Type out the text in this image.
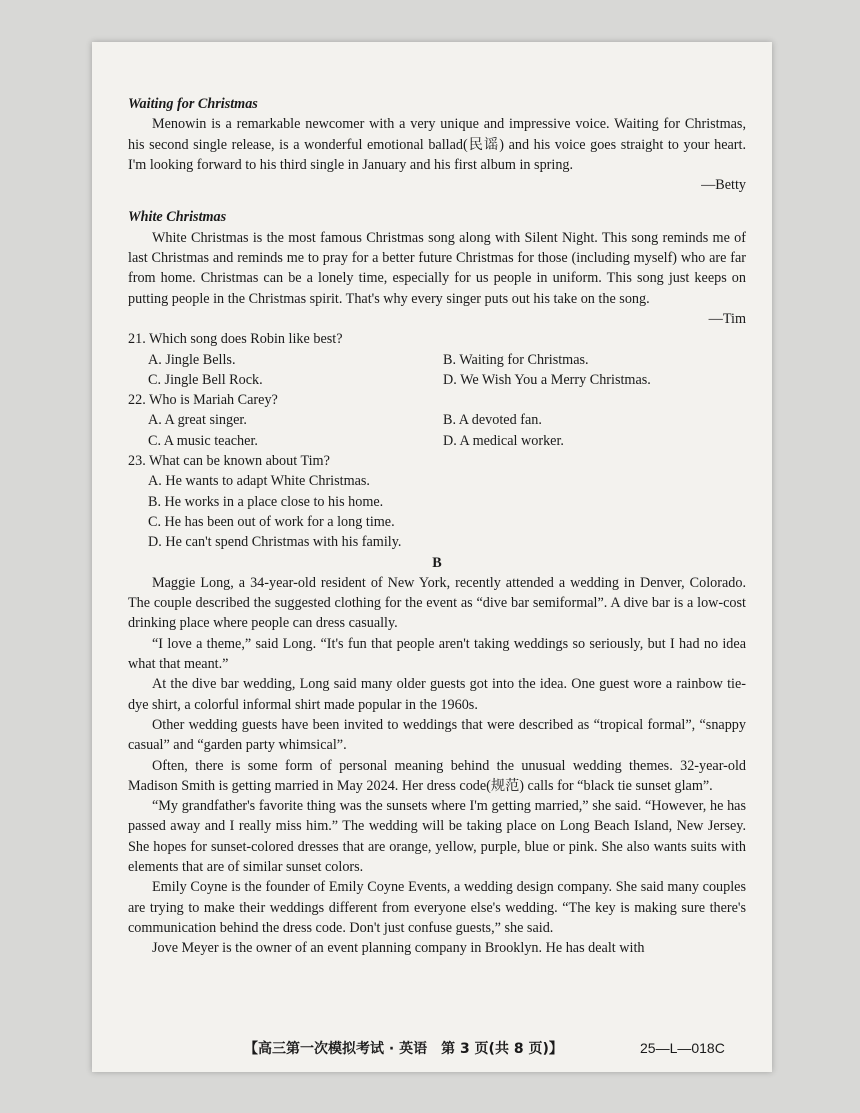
Waiting for Christmas

Menowin is a remarkable newcomer with a very unique and impressive voice. Waiting for Christmas, his second single release, is a wonderful emotional ballad(民谣) and his voice goes straight to your heart. I'm looking forward to his third single in January and his first album in spring.

—Betty
White Christmas

White Christmas is the most famous Christmas song along with Silent Night. This song reminds me of last Christmas and reminds me to pray for a better future Christmas for those (including myself) who are far from home. Christmas can be a lonely time, especially for us people in uniform. This song just keeps on putting people in the Christmas spirit. That's why every singer puts out his take on the song.

—Tim
21. Which song does Robin like best?
A. Jingle Bells.	B. Waiting for Christmas.
C. Jingle Bell Rock.	D. We Wish You a Merry Christmas.
22. Who is Mariah Carey?
A. A great singer.	B. A devoted fan.
C. A music teacher.	D. A medical worker.
23. What can be known about Tim?
A. He wants to adapt White Christmas.
B. He works in a place close to his home.
C. He has been out of work for a long time.
D. He can't spend Christmas with his family.
B

Maggie Long, a 34-year-old resident of New York, recently attended a wedding in Denver, Colorado. The couple described the suggested clothing for the event as “dive bar semiformal”. A dive bar is a low-cost drinking place where people can dress casually.

“I love a theme,” said Long. “It's fun that people aren't taking weddings so seriously, but I had no idea what that meant.”

At the dive bar wedding, Long said many older guests got into the idea. One guest wore a rainbow tie-dye shirt, a colorful informal shirt made popular in the 1960s.

Other wedding guests have been invited to weddings that were described as “tropical formal”, “snappy casual” and “garden party whimsical”.

Often, there is some form of personal meaning behind the unusual wedding themes. 32-year-old Madison Smith is getting married in May 2024. Her dress code(规范) calls for “black tie sunset glam”.

“My grandfather's favorite thing was the sunsets where I'm getting married,” she said. “However, he has passed away and I really miss him.” The wedding will be taking place on Long Beach Island, New Jersey. She hopes for sunset-colored dresses that are orange, yellow, purple, blue or pink. She also wants suits with elements that are of similar sunset colors.

Emily Coyne is the founder of Emily Coyne Events, a wedding design company. She said many couples are trying to make their weddings different from everyone else's wedding. “The key is making sure there's communication behind the dress code. Don't just confuse guests,” she said.

Jove Meyer is the owner of an event planning company in Brooklyn. He has dealt with

【高三第一次模拟考试 · 英语　第 3 页(共 8 页)】	25—L—018C
